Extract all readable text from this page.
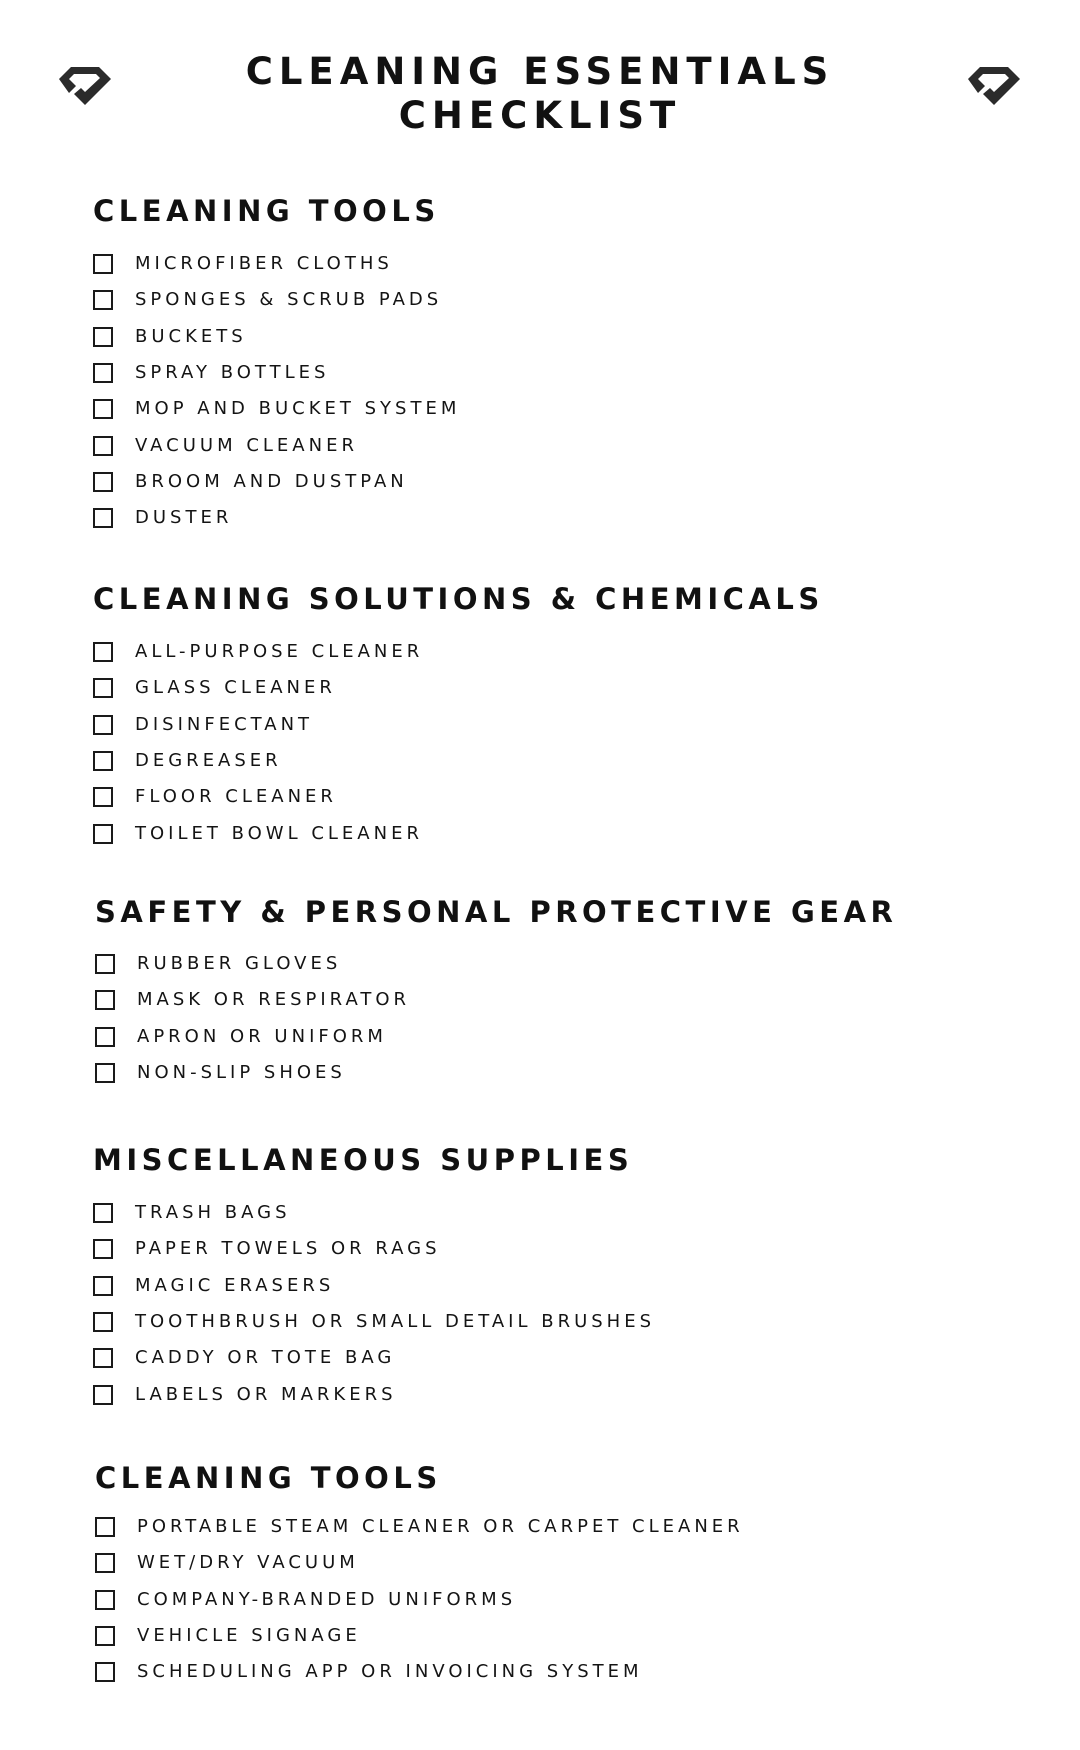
CLEANING ESSENTIALS
CHECKLIST
CLEANING TOOLS
MICROFIBER CLOTHS
SPONGES & SCRUB PADS
BUCKETS
SPRAY BOTTLES
MOP AND BUCKET SYSTEM
VACUUM CLEANER
BROOM AND DUSTPAN
DUSTER
CLEANING SOLUTIONS & CHEMICALS
ALL-PURPOSE CLEANER
GLASS CLEANER
DISINFECTANT
DEGREASER
FLOOR CLEANER
TOILET BOWL CLEANER
SAFETY & PERSONAL PROTECTIVE GEAR
RUBBER GLOVES
MASK OR RESPIRATOR
APRON OR UNIFORM
NON-SLIP SHOES
MISCELLANEOUS SUPPLIES
TRASH BAGS
PAPER TOWELS OR RAGS
MAGIC ERASERS
TOOTHBRUSH OR SMALL DETAIL BRUSHES
CADDY OR TOTE BAG
LABELS OR MARKERS
CLEANING TOOLS
PORTABLE STEAM CLEANER OR CARPET CLEANER
WET/DRY VACUUM
COMPANY-BRANDED UNIFORMS
VEHICLE SIGNAGE
SCHEDULING APP OR INVOICING SYSTEM
